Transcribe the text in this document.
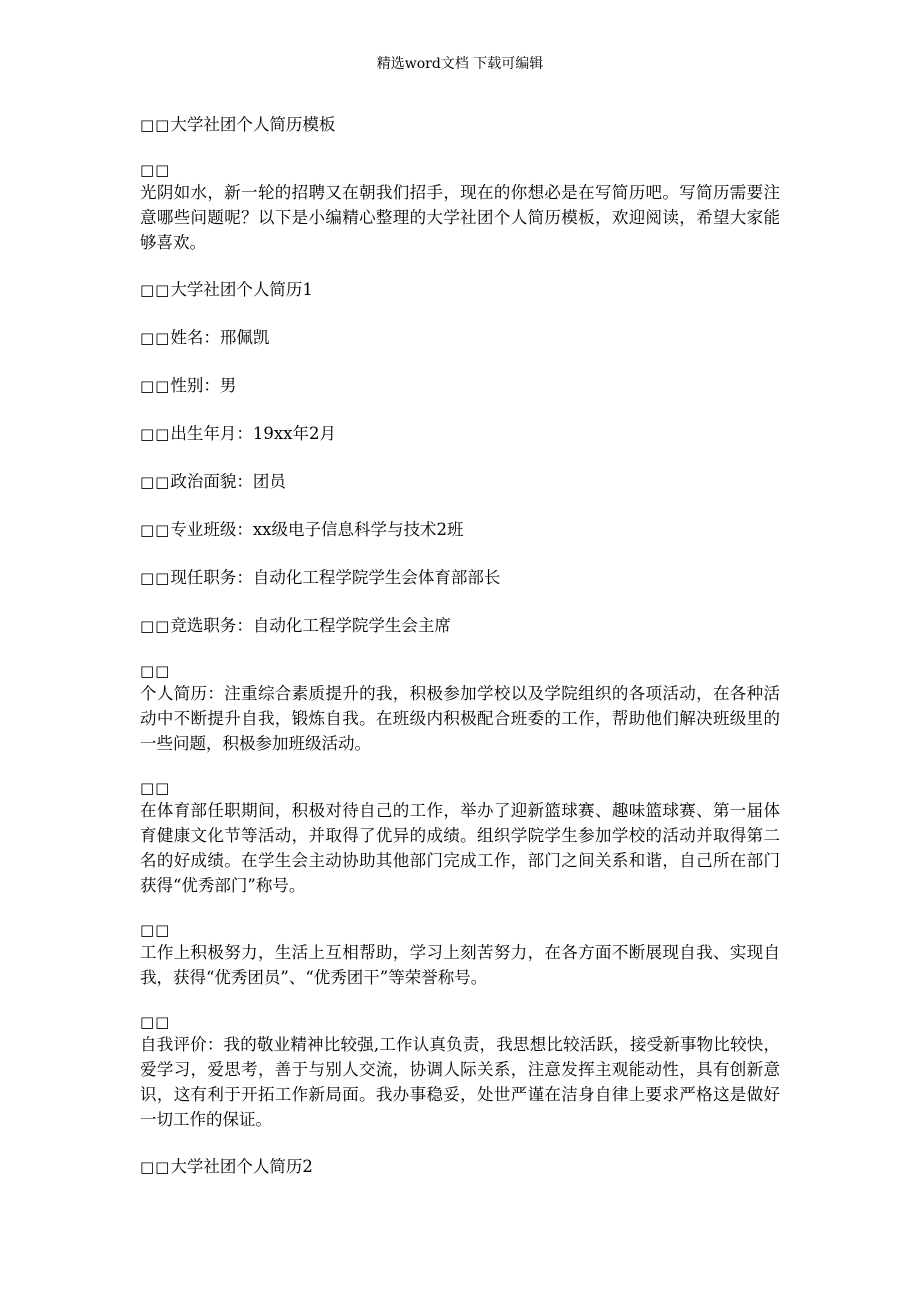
精选word文档 下载可编辑
□□大学社团个人简历模板
□□
光阴如水，新一轮的招聘又在朝我们招手，现在的你想必是在写简历吧。写简历需要注意哪些问题呢？以下是小编精心整理的大学社团个人简历模板，欢迎阅读，希望大家能够喜欢。
□□大学社团个人简历1
□□姓名：邢佩凯
□□性别：男
□□出生年月：19xx年2月
□□政治面貌：团员
□□专业班级：xx级电子信息科学与技术2班
□□现任职务：自动化工程学院学生会体育部部长
□□竞选职务：自动化工程学院学生会主席
□□
个人简历：注重综合素质提升的我，积极参加学校以及学院组织的各项活动，在各种活动中不断提升自我，锻炼自我。在班级内积极配合班委的工作，帮助他们解决班级里的一些问题，积极参加班级活动。
□□
在体育部任职期间，积极对待自己的工作，举办了迎新篮球赛、趣味篮球赛、第一届体育健康文化节等活动，并取得了优异的成绩。组织学院学生参加学校的活动并取得第二名的好成绩。在学生会主动协助其他部门完成工作，部门之间关系和谐，自己所在部门获得“优秀部门”称号。
□□
工作上积极努力，生活上互相帮助，学习上刻苦努力，在各方面不断展现自我、实现自我，获得“优秀团员”、“优秀团干”等荣誉称号。
□□
自我评价：我的敬业精神比较强,工作认真负责，我思想比较活跃，接受新事物比较快，爱学习，爱思考，善于与别人交流，协调人际关系，注意发挥主观能动性，具有创新意识，这有利于开拓工作新局面。我办事稳妥，处世严谨在洁身自律上要求严格这是做好一切工作的保证。
□□大学社团个人简历2
